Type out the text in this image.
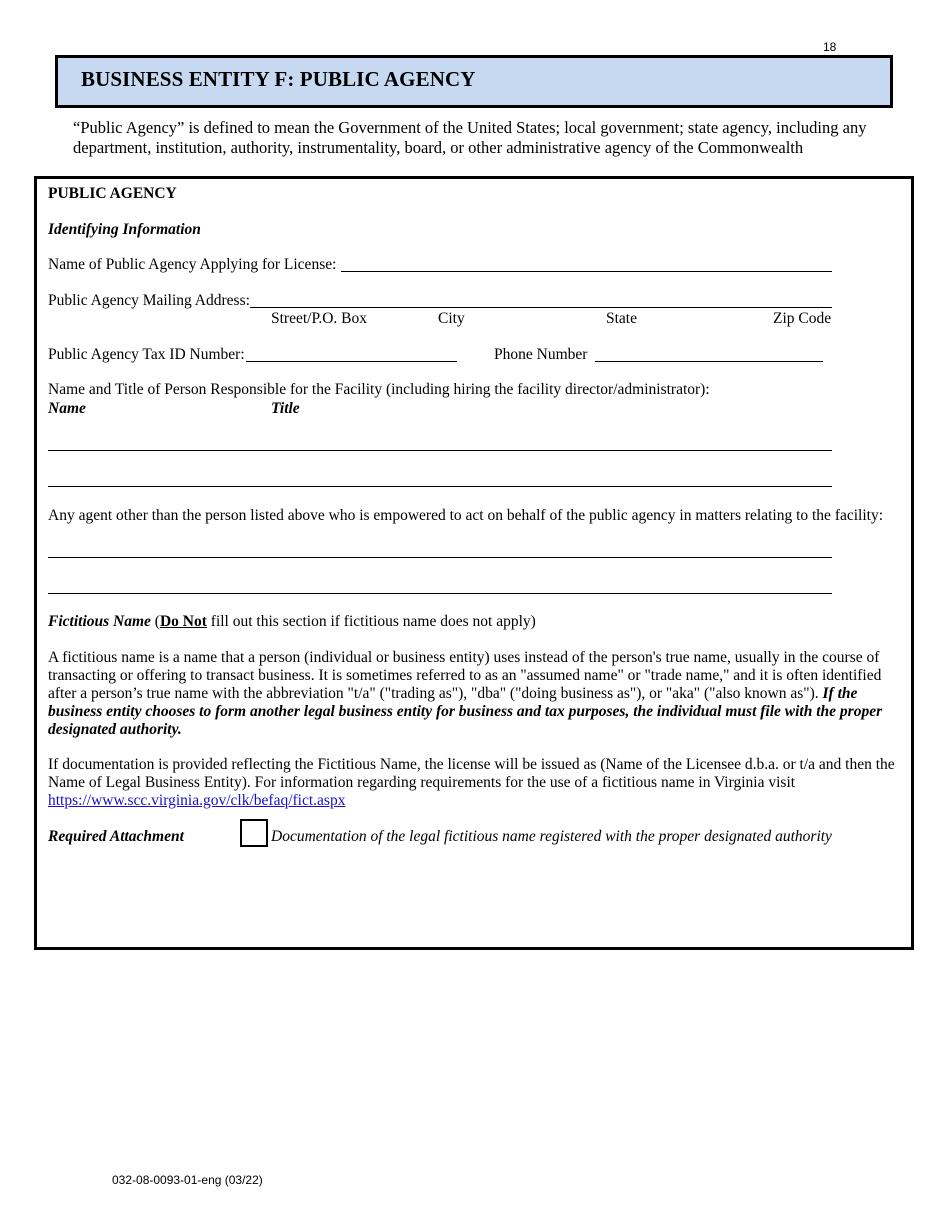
18
BUSINESS ENTITY F: PUBLIC AGENCY
“Public Agency” is defined to mean the Government of the United States; local government; state agency, including any department, institution, authority, instrumentality, board, or other administrative agency of the Commonwealth
PUBLIC AGENCY
Identifying Information
Name of Public Agency Applying for License:
Public Agency Mailing Address:
Street/P.O. Box	City	State	Zip Code
Public Agency Tax ID Number:	Phone Number
Name and Title of Person Responsible for the Facility (including hiring the facility director/administrator):
Name	Title
Any agent other than the person listed above who is empowered to act on behalf of the public agency in matters relating to the facility:
Fictitious Name (Do Not fill out this section if fictitious name does not apply)
A fictitious name is a name that a person (individual or business entity) uses instead of the person's true name, usually in the course of transacting or offering to transact business. It is sometimes referred to as an "assumed name" or "trade name," and it is often identified after a person’s true name with the abbreviation "t/a" ("trading as"), "dba" ("doing business as"), or "aka" ("also known as"). If the business entity chooses to form another legal business entity for business and tax purposes, the individual must file with the proper designated authority.
If documentation is provided reflecting the Fictitious Name, the license will be issued as (Name of the Licensee d.b.a. or t/a and then the Name of Legal Business Entity). For information regarding requirements for the use of a fictitious name in Virginia visit
https://www.scc.virginia.gov/clk/befaq/fict.aspx
Required Attachment	Documentation of the legal fictitious name registered with the proper designated authority
032-08-0093-01-eng (03/22)
